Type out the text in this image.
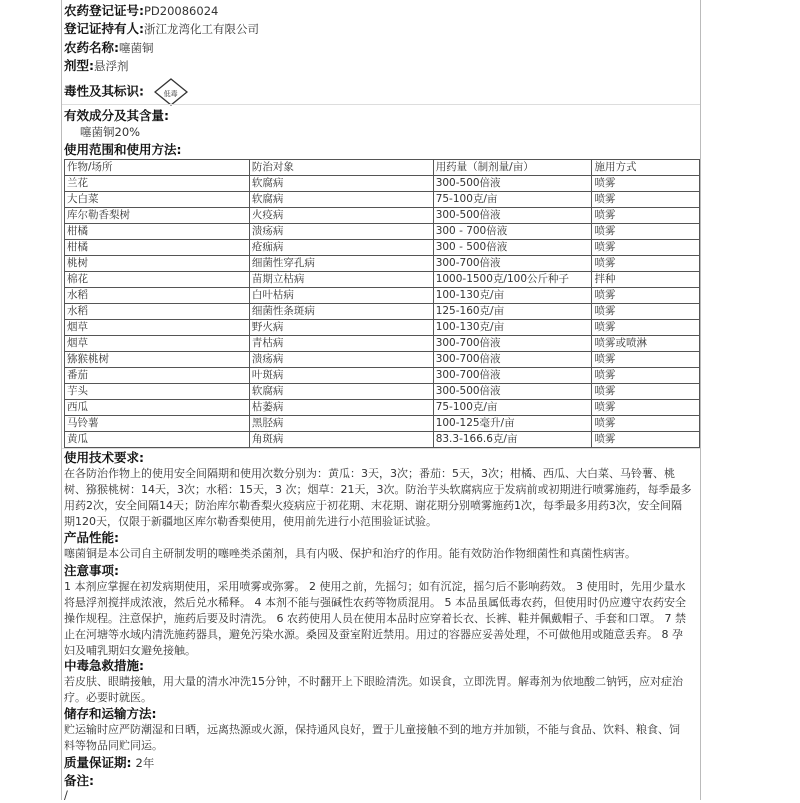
农药登记证号:PD20086024
登记证持有人:浙江龙湾化工有限公司
农药名称:噻菌铜
剂型:悬浮剂
毒性及其标识:	低毒
有效成分及其含量:
噻菌铜20%
使用范围和使用方法:
作物/场所	防治对象	用药量（制剂量/亩）	施用方式
兰花	软腐病	300-500倍液	喷雾
大白菜	软腐病	75-100克/亩	喷雾
库尔勒香梨树	火疫病	300-500倍液	喷雾
柑橘	溃疡病	300 - 700倍液	喷雾
柑橘	疮痂病	300 - 500倍液	喷雾
桃树	细菌性穿孔病	300-700倍液	喷雾
棉花	苗期立枯病	1000-1500克/100公斤种子	拌种
水稻	白叶枯病	100-130克/亩	喷雾
水稻	细菌性条斑病	125-160克/亩	喷雾
烟草	野火病	100-130克/亩	喷雾
烟草	青枯病	300-700倍液	喷雾或喷淋
猕猴桃树	溃疡病	300-700倍液	喷雾
番茄	叶斑病	300-700倍液	喷雾
芋头	软腐病	300-500倍液	喷雾
西瓜	枯萎病	75-100克/亩	喷雾
马铃薯	黑胫病	100-125毫升/亩	喷雾
黄瓜	角斑病	83.3-166.6克/亩	喷雾
使用技术要求:
在各防治作物上的使用安全间隔期和使用次数分别为：黄瓜：3天，3次；番茄：5天，3次；柑橘、西瓜、大白菜、马铃薯、桃
树、猕猴桃树：14天，3次；水稻：15天，3 次；烟草：21天，3次。防治芋头软腐病应于发病前或初期进行喷雾施药，每季最多
用药2次，安全间隔14天；防治库尔勒香梨火疫病应于初花期、末花期、谢花期分别喷雾施药1次，每季最多用药3次，安全间隔
期120天，仅限于新疆地区库尔勒香梨使用，使用前先进行小范围验证试验。
产品性能:
噻菌铜是本公司自主研制发明的噻唑类杀菌剂，具有内吸、保护和治疗的作用。能有效防治作物细菌性和真菌性病害。
注意事项:
1 本剂应掌握在初发病期使用，采用喷雾或弥雾。 2 使用之前，先摇匀；如有沉淀，摇匀后不影响药效。 3 使用时，先用少量水
将悬浮剂搅拌成浓液，然后兑水稀释。 4 本剂不能与强碱性农药等物质混用。 5 本品虽属低毒农药，但使用时仍应遵守农药安全
操作规程。注意保护，施药后要及时清洗。 6 农药使用人员在使用本品时应穿着长衣、长裤、鞋并佩戴帽子、手套和口罩。 7 禁
止在河塘等水域内清洗施药器具，避免污染水源。桑园及蚕室附近禁用。用过的容器应妥善处理，不可做他用或随意丢弃。 8 孕
妇及哺乳期妇女避免接触。
中毒急救措施:
若皮肤、眼睛接触，用大量的清水冲洗15分钟，不时翻开上下眼睑清洗。如误食，立即洗胃。解毒剂为依地酸二钠钙，应对症治
疗。必要时就医。
储存和运输方法:
贮运输时应严防潮湿和日晒，远离热源或火源，保持通风良好，置于儿童接触不到的地方并加锁，不能与食品、饮料、粮食、饲
料等物品同贮同运。
质量保证期: 2年
备注:
/
